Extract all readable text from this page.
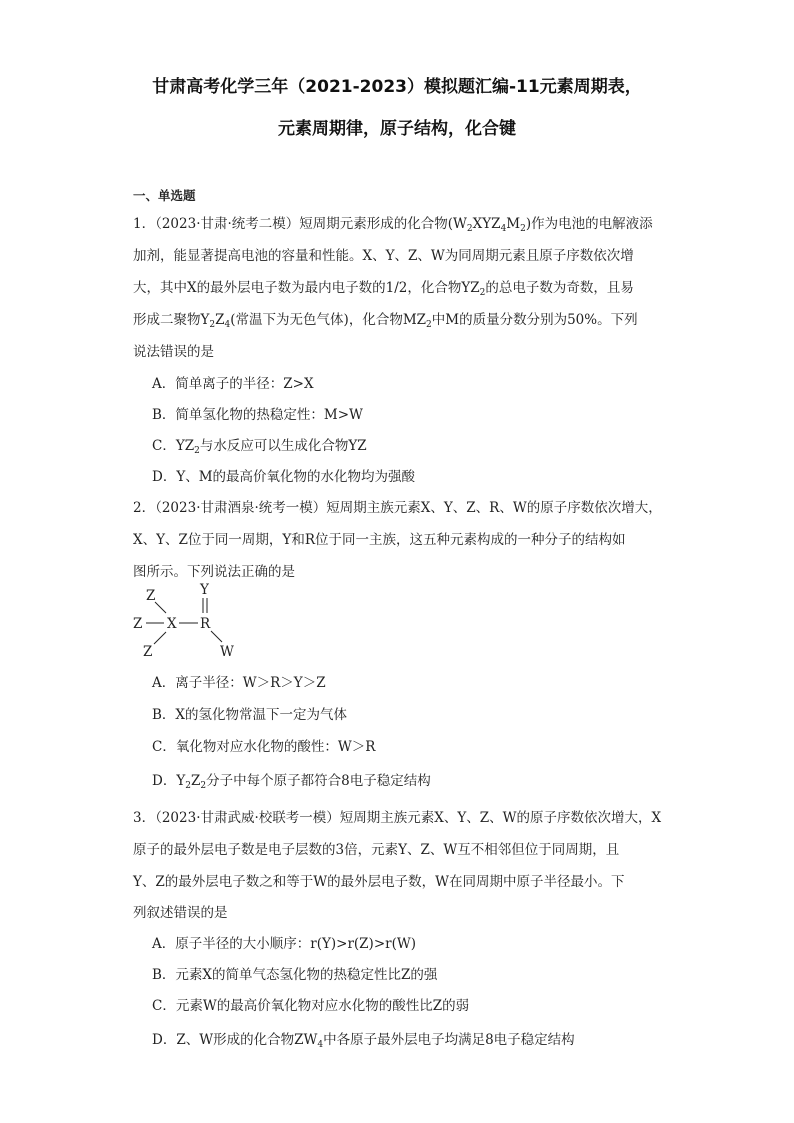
甘肃高考化学三年（2021-2023）模拟题汇编-11元素周期表，
元素周期律，原子结构，化合键
一、单选题
1．（2023·甘肃·统考二模）短周期元素形成的化合物$(W_2XYZ_4M_2)$作为电池的电解液添
加剂，能显著提高电池的容量和性能。X、Y、Z、W为同周期元素且原子序数依次增
大，其中X的最外层电子数为最内电子数的1/2，化合物$YZ_2$的总电子数为奇数，且易
形成二聚物$Y_2Z_4$(常温下为无色气体)，化合物$MZ_2$中M的质量分数分别为50%。下列
说法错误的是
A．简单离子的半径：Z>X
B．简单氢化物的热稳定性：M>W
C．$YZ_2$与水反应可以生成化合物YZ
D．Y、M的最高价氧化物的水化物均为强酸
2．（2023·甘肃酒泉·统考一模）短周期主族元素X、Y、Z、R、W的原子序数依次增大，
X、Y、Z位于同一周期，Y和R位于同一主族，这五种元素构成的一种分子的结构如
图所示。下列说法正确的是
Z
Z
Z
X R
Y
W
A．离子半径：W＞R＞Y＞Z
B．X的氢化物常温下一定为气体
C．氧化物对应水化物的酸性：W＞R
D．$Y_2Z_2$分子中每个原子都符合8电子稳定结构
3．（2023·甘肃武威·校联考一模）短周期主族元素X、Y、Z、W的原子序数依次增大，X
原子的最外层电子数是电子层数的3倍，元素Y、Z、W互不相邻但位于同周期，且
Y、Z的最外层电子数之和等于W的最外层电子数，W在同周期中原子半径最小。下
列叙述错误的是
A．原子半径的大小顺序：r(Y)>r(Z)>r(W)
B．元素X的简单气态氢化物的热稳定性比Z的强
C．元素W的最高价氧化物对应水化物的酸性比Z的弱
D．Z、W形成的化合物$ZW_4$中各原子最外层电子均满足8电子稳定结构
